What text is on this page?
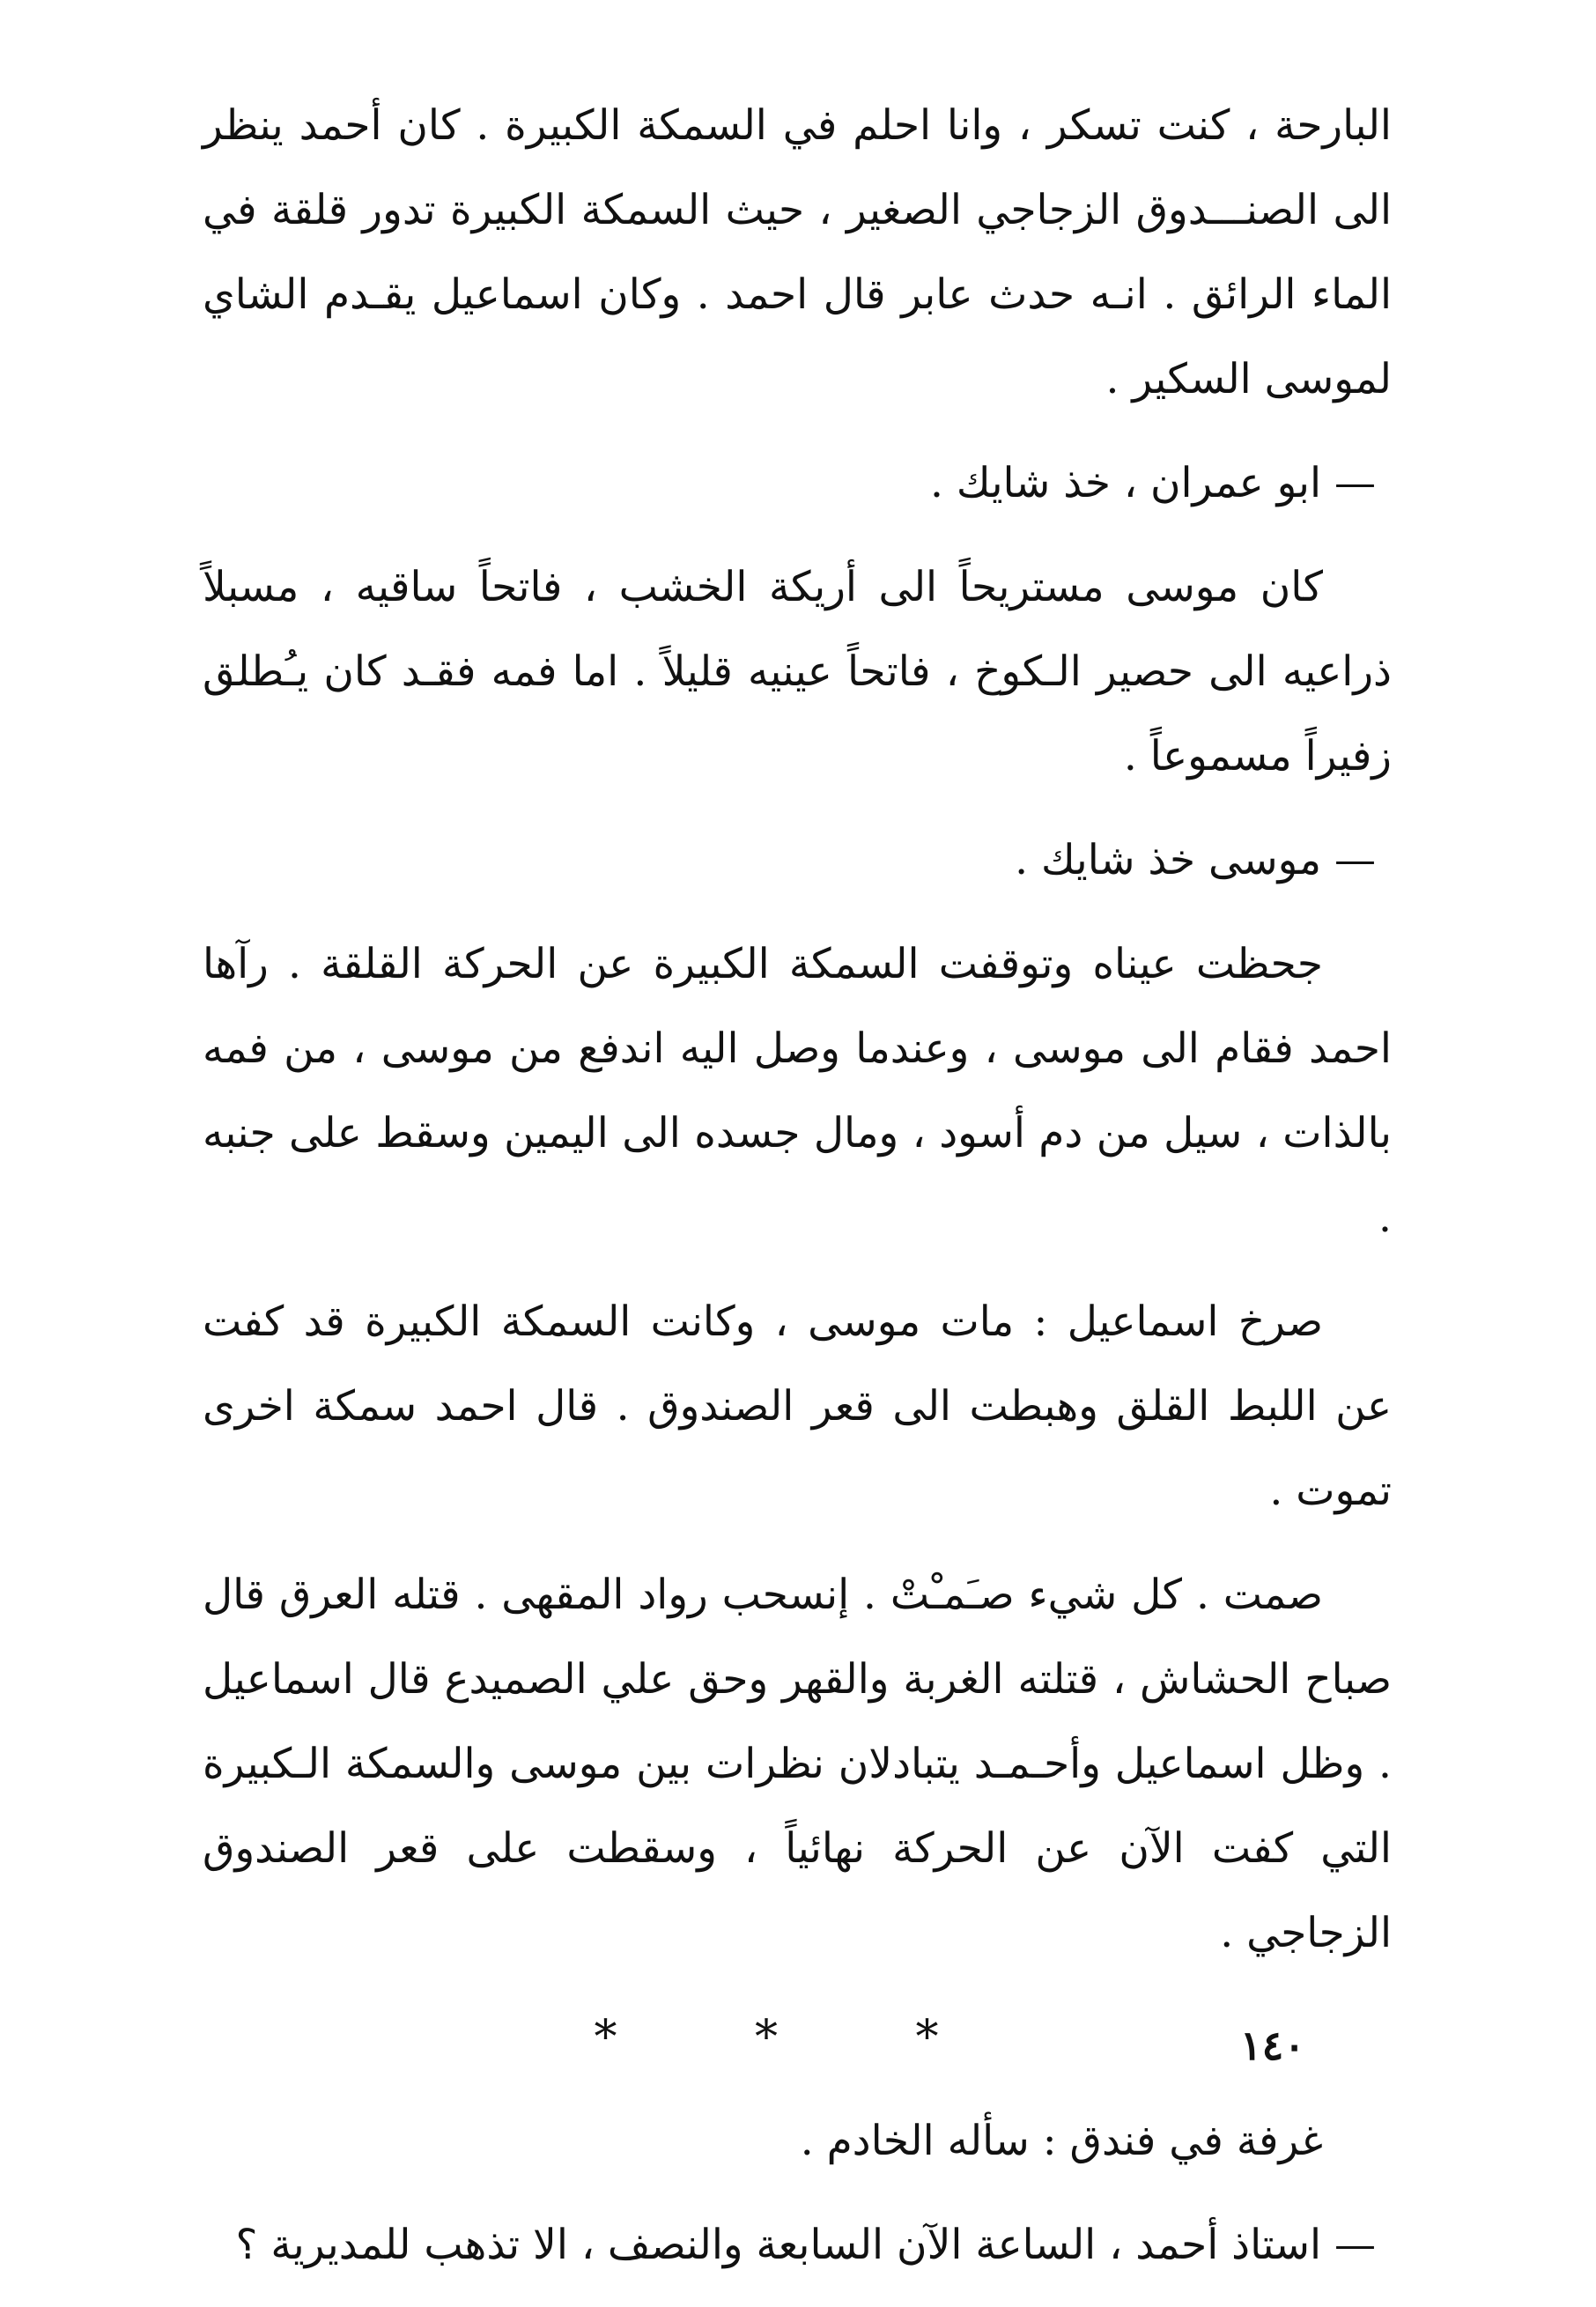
البارحة ، كنت تسكر ، وانا احلم في السمكة الكبيرة . كان أحمد ينظر الى الصنـــدوق الزجاجي الصغير ، حيث السمكة الكبيرة تدور قلقة في الماء الرائق . انـه حدث عابر قال احمد . وكان اسماعيل يقـدم الشاي لموسى السكير .

— ابو عمران ، خذ شايك .

كان موسى مستريحاً الى أريكة الخشب ، فاتحاً ساقيه ، مسبلاً ذراعيه الى حصير الـكوخ ، فاتحاً عينيه قليلاً . اما فمه فقـد كان يـُطلق زفيراً مسموعاً .

— موسى خذ شايك .

جحظت عيناه وتوقفت السمكة الكبيرة عن الحركة القلقة . رآها احمد فقام الى موسى ، وعندما وصل اليه اندفع من موسى ، من فمه بالذات ، سيل من دم أسود ، ومال جسده الى اليمين وسقط على جنبه .

صرخ اسماعيل : مات موسى ، وكانت السمكة الكبيرة قد كفت عن اللبط القلق وهبطت الى قعر الصندوق . قال احمد سمكة اخرى تموت .

صمت . كل شيء صـَمـْتْ . إنسحب رواد المقهى . قتله العرق قال صباح الحشاش ، قتلته الغربة والقهر وحق علي الصميدع قال اسماعيل . وظل اسماعيل وأحـمـد يتبادلان نظرات بين موسى والسمكة الـكبيرة التي كفت الآن عن الحركة نهائياً ، وسقطت على قعر الصندوق الزجاجي .

* * *

غرفة في فندق : سأله الخادم .

— استاذ أحمد ، الساعة الآن السابعة والنصف ، الا تذهب للمديرية ؟

١٤٠
